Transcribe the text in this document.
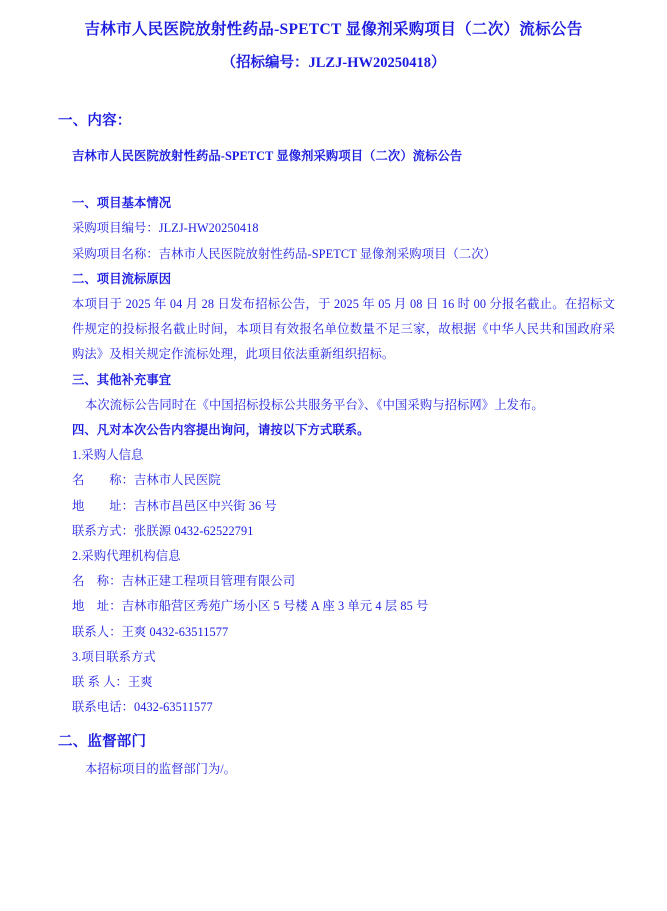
吉林市人民医院放射性药品-SPETCT 显像剂采购项目（二次）流标公告
（招标编号：JLZJ-HW20250418）
一、内容：

吉林市人民医院放射性药品-SPETCT 显像剂采购项目（二次）流标公告

一、项目基本情况

采购项目编号：JLZJ-HW20250418

采购项目名称：吉林市人民医院放射性药品-SPETCT 显像剂采购项目（二次）

二、项目流标原因

本项目于 2025 年 04 月 28 日发布招标公告，于 2025 年 05 月 08 日 16 时 00 分报名截止。在招标文件规定的投标报名截止时间，本项目有效报名单位数量不足三家，故根据《中华人民共和国政府采购法》及相关规定作流标处理，此项目依法重新组织招标。

三、其他补充事宜

本次流标公告同时在《中国招标投标公共服务平台》、《中国采购与招标网》上发布。

四、凡对本次公告内容提出询问，请按以下方式联系。

1.采购人信息

名　　称：吉林市人民医院

地　　址：吉林市昌邑区中兴街 36 号

联系方式：张朕源 0432-62522791

2.采购代理机构信息

名　称：吉林正建工程项目管理有限公司

地　址：吉林市船营区秀苑广场小区 5 号楼 A 座 3 单元 4 层 85 号

联系人：王爽 0432-63511577

3.项目联系方式

联 系 人：王爽

联系电话：0432-63511577

二、监督部门
本招标项目的监督部门为/。
